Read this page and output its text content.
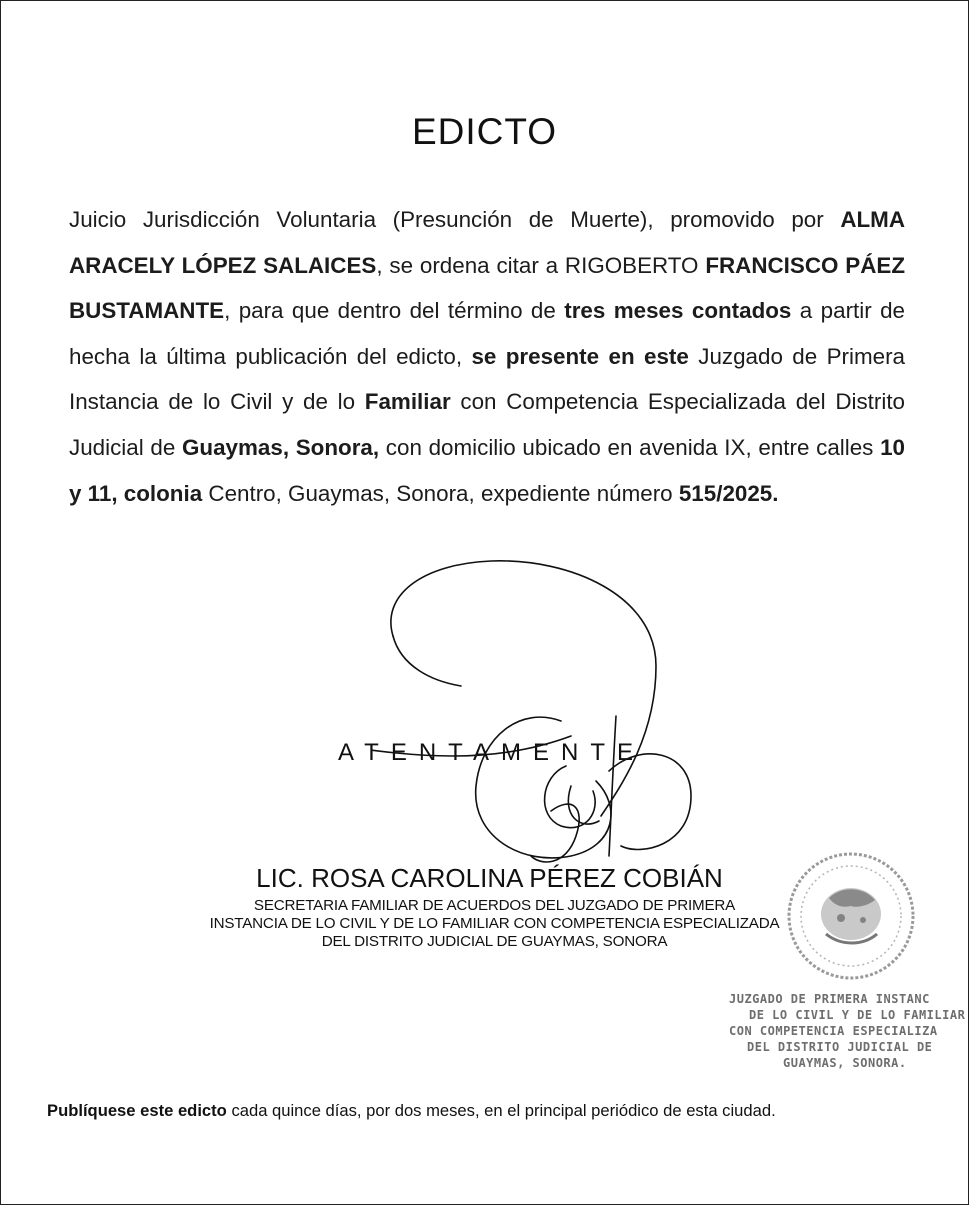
EDICTO
Juicio Jurisdicción Voluntaria (Presunción de Muerte), promovido por ALMA ARACELY LÓPEZ SALAICES, se ordena citar a RIGOBERTO FRANCISCO PÁEZ BUSTAMANTE, para que dentro del término de tres meses contados a partir de hecha la última publicación del edicto, se presente en este Juzgado de Primera Instancia de lo Civil y de lo Familiar con Competencia Especializada del Distrito Judicial de Guaymas, Sonora, con domicilio ubicado en avenida IX, entre calles 10 y 11, colonia Centro, Guaymas, Sonora, expediente número 515/2025.
ATENTAMENTE
LIC. ROSA CAROLINA PÉREZ COBIÁN
SECRETARIA FAMILIAR DE ACUERDOS DEL JUZGADO DE PRIMERA
INSTANCIA DE LO CIVIL Y DE LO FAMILIAR CON COMPETENCIA ESPECIALIZADA
DEL DISTRITO JUDICIAL DE GUAYMAS, SONORA
JUZGADO DE PRIMERA INSTANC
DE LO CIVIL Y DE LO FAMILIAR
CON COMPETENCIA ESPECIALIZA
DEL DISTRITO JUDICIAL DE
GUAYMAS, SONORA.
Publíquese este edicto cada quince días, por dos meses, en el principal periódico de esta ciudad.
